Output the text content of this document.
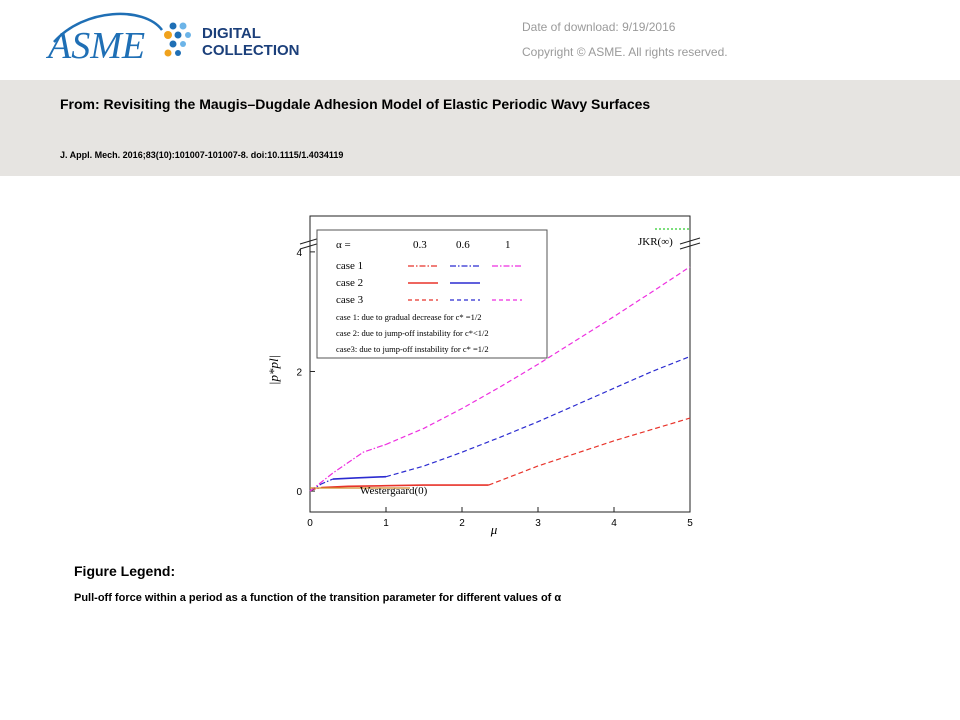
ASME	DIGITAL
COLLECTION
Date of download: 9/19/2016
Copyright © ASME. All rights reserved.
From: Revisiting the Maugis–Dugdale Adhesion Model of Elastic Periodic Wavy Surfaces
J. Appl. Mech. 2016;83(10):101007-101007-8. doi:10.1115/1.4034119
0	1	2	3	4	5
0
2
4
α =	0.3	0.6	1
case 1
case 2
case 3
case 1: due to gradual decrease for c* =1/2
case 2: due to jump-off instability for c*<1/2
case3: due to jump-off instability for c* =1/2
JKR(∞)
Westergaard(0)
μ
|p*pl|
Figure Legend:
Pull-off force within a period as a function of the transition parameter for different values of α
